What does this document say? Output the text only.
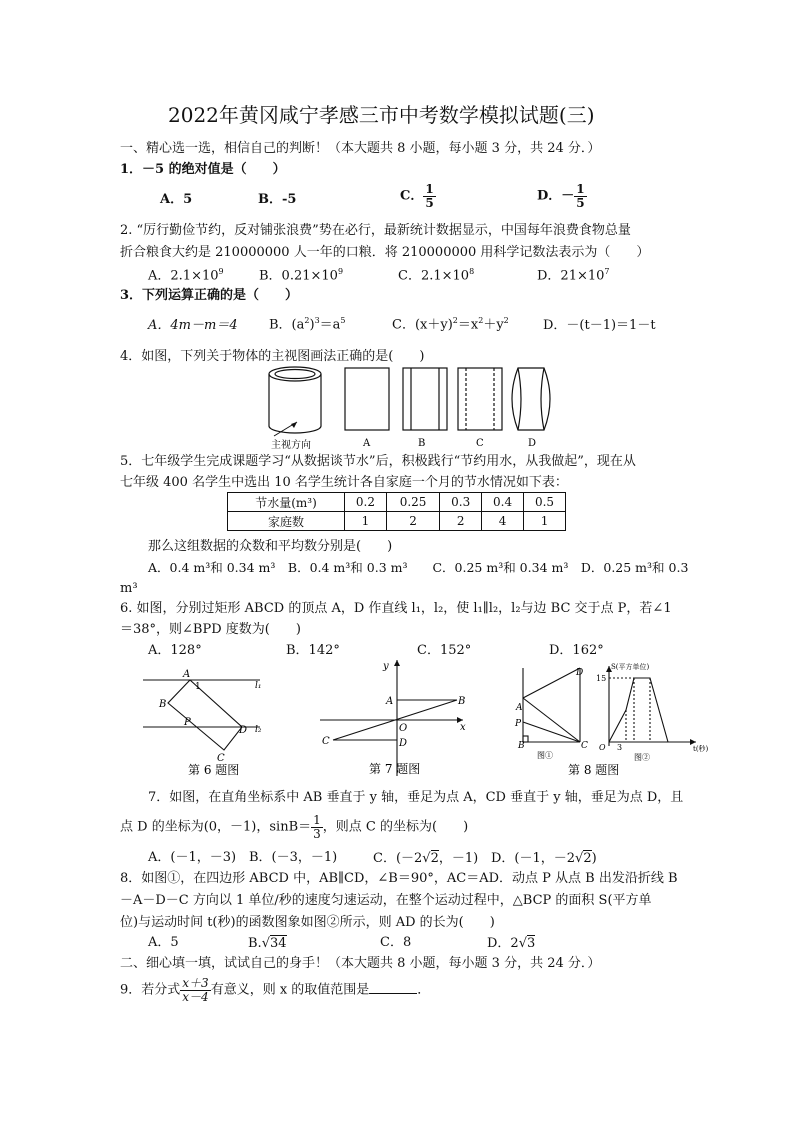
2022年黄冈咸宁孝感三市中考数学模拟试题(三)
一、精心选一选，相信自己的判断！（本大题共 8 小题，每小题 3 分，共 24 分．）
1．－5 的绝对值是（　　）
A．5	B．-5	C． $\frac{1}{5}$	D．－ $\frac{1}{5}$
2. “厉行勤俭节约，反对铺张浪费”势在必行，最新统计数据显示，中国每年浪费食物总量
折合粮食大约是 210000000 人一年的口粮．将 210000000 用科学记数法表示为（　　）
A．$2.1\times 10^9$	B．$0.21\times 10^9$	C．$2.1\times 10^8$	D．$21\times 10^7$
3．下列运算正确的是（　　）
A．4m－m＝4 B．$(a^2)^3=a^5$	C．$(x+y)^2=x^2+y^2$	D．－(t－1)＝1－t
4．如图，下列关于物体的主视图画法正确的是(　　)
主视方向	A	B	C	D
5．七年级学生完成课题学习“从数据谈节水”后，积极践行“节约用水，从我做起”，现在从
七年级 400 名学生中选出 10 名学生统计各自家庭一个月的节水情况如下表：
节水量(m³)	0.2	0.25	0.3	0.4	0.5
家庭数	1	2	2	4	1
那么这组数据的众数和平均数分别是(　　)
A．0.4 m³和 0.34 m³　B．0.4 m³和 0.3 m³　　C．0.25 m³和 0.34 m³　D．0.25 m³和 0.3
m³
6. 如图，分别过矩形 ABCD 的顶点 A，D 作直线 l₁，l₂，使 l₁∥l₂，l₂与边 BC 交于点 P，若∠1
＝38°，则∠BPD 度数为(　　)
A．128°	B．142°	C．152°	D．162°
A
1
B
P
D
C
l₁
l₂
第 6 题图
y
x
A	B
C	D
O
第 7 题图
A
B	C
D
P
图①
S(平方单位)
15
O 3	t(秒)
图②
第 8 题图
7．如图，在直角坐标系中 AB 垂直于 y 轴，垂足为点 A，CD 垂直于 y 轴，垂足为点 D，且
点 D 的坐标为(0，－1)，$\sin B= \frac{1}{3}$ ，则点 C 的坐标为(　　)
A．(－1，－3) B．(－3，－1)	C．(－2√2，－1) D．(－1，－2√2)
8．如图①，在四边形 ABCD 中，AB∥CD，∠B＝90°，AC＝AD．动点 P 从点 B 出发沿折线 B
－A－D－C 方向以 1 单位/秒的速度匀速运动，在整个运动过程中，△BCP 的面积 S(平方单
位)与运动时间 t(秒)的函数图象如图②所示，则 AD 的长为(　　)
A．5	B.√34	C．8	D．2√3
二、细心填一填，试试自己的身手！（本大题共 8 小题，每小题 3 分，共 24 分．）
9．若分式 $\frac{x+3}{x-4}$ 有意义，则 x 的取值范围是	．
